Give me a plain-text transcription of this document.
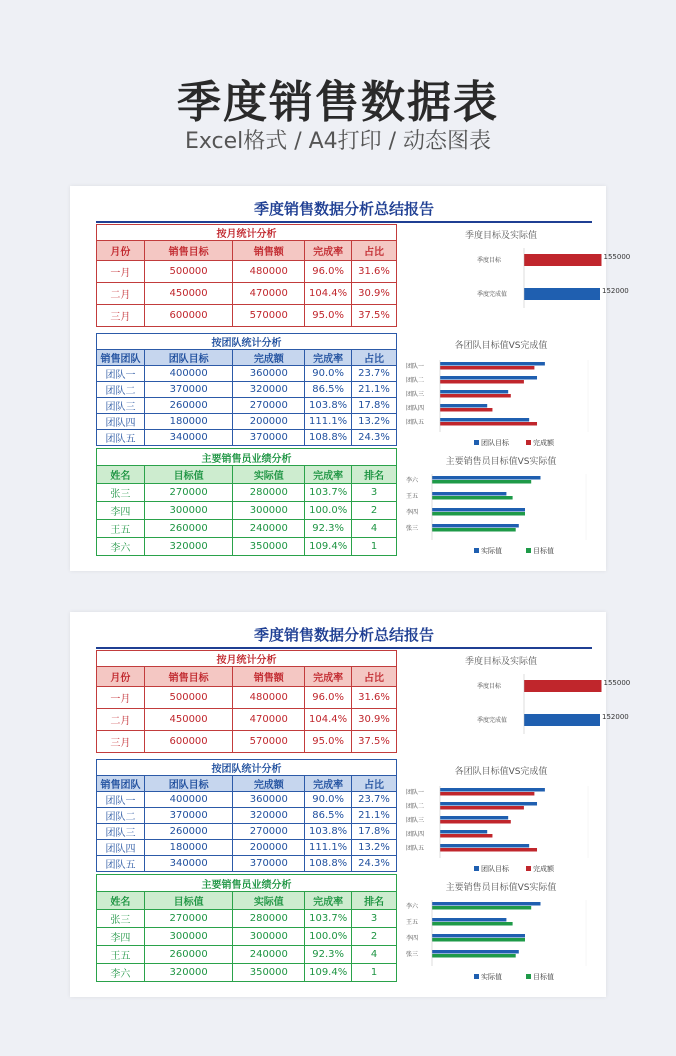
季度销售数据表
Excel格式 / A4打印 / 动态图表
季度销售数据分析总结报告
按月统计分析				
月份	销售目标	销售额	完成率	占比
一月	500000	480000	96.0%	31.6%
二月	450000	470000	104.4%	30.9%
三月	600000	570000	95.0%	37.5%
按团队统计分析				
销售团队	团队目标	完成额	完成率	占比
团队一	400000	360000	90.0%	23.7%
团队二	370000	320000	86.5%	21.1%
团队三	260000	270000	103.8%	17.8%
团队四	180000	200000	111.1%	13.2%
团队五	340000	370000	108.8%	24.3%
主要销售员业绩分析				
姓名	目标值	实际值	完成率	排名
张三	270000	280000	103.7%	3
李四	300000	300000	100.0%	2
王五	260000	240000	92.3%	4
李六	320000	350000	109.4%	1
季度目标及实际值
季度目标	155000
季度完成值	152000
各团队目标值VS完成值
团队一
团队二
团队三
团队四
团队五
团队目标	完成额
主要销售员目标值VS实际值
李六
王五
李四
张三
实际值	目标值
季度销售数据分析总结报告
按月统计分析				
月份	销售目标	销售额	完成率	占比
一月	500000	480000	96.0%	31.6%
二月	450000	470000	104.4%	30.9%
三月	600000	570000	95.0%	37.5%
按团队统计分析				
销售团队	团队目标	完成额	完成率	占比
团队一	400000	360000	90.0%	23.7%
团队二	370000	320000	86.5%	21.1%
团队三	260000	270000	103.8%	17.8%
团队四	180000	200000	111.1%	13.2%
团队五	340000	370000	108.8%	24.3%
主要销售员业绩分析				
姓名	目标值	实际值	完成率	排名
张三	270000	280000	103.7%	3
李四	300000	300000	100.0%	2
王五	260000	240000	92.3%	4
李六	320000	350000	109.4%	1
季度目标及实际值
季度目标	155000
季度完成值	152000
各团队目标值VS完成值
团队一
团队二
团队三
团队四
团队五
团队目标	完成额
主要销售员目标值VS实际值
李六
王五
李四
张三
实际值	目标值
